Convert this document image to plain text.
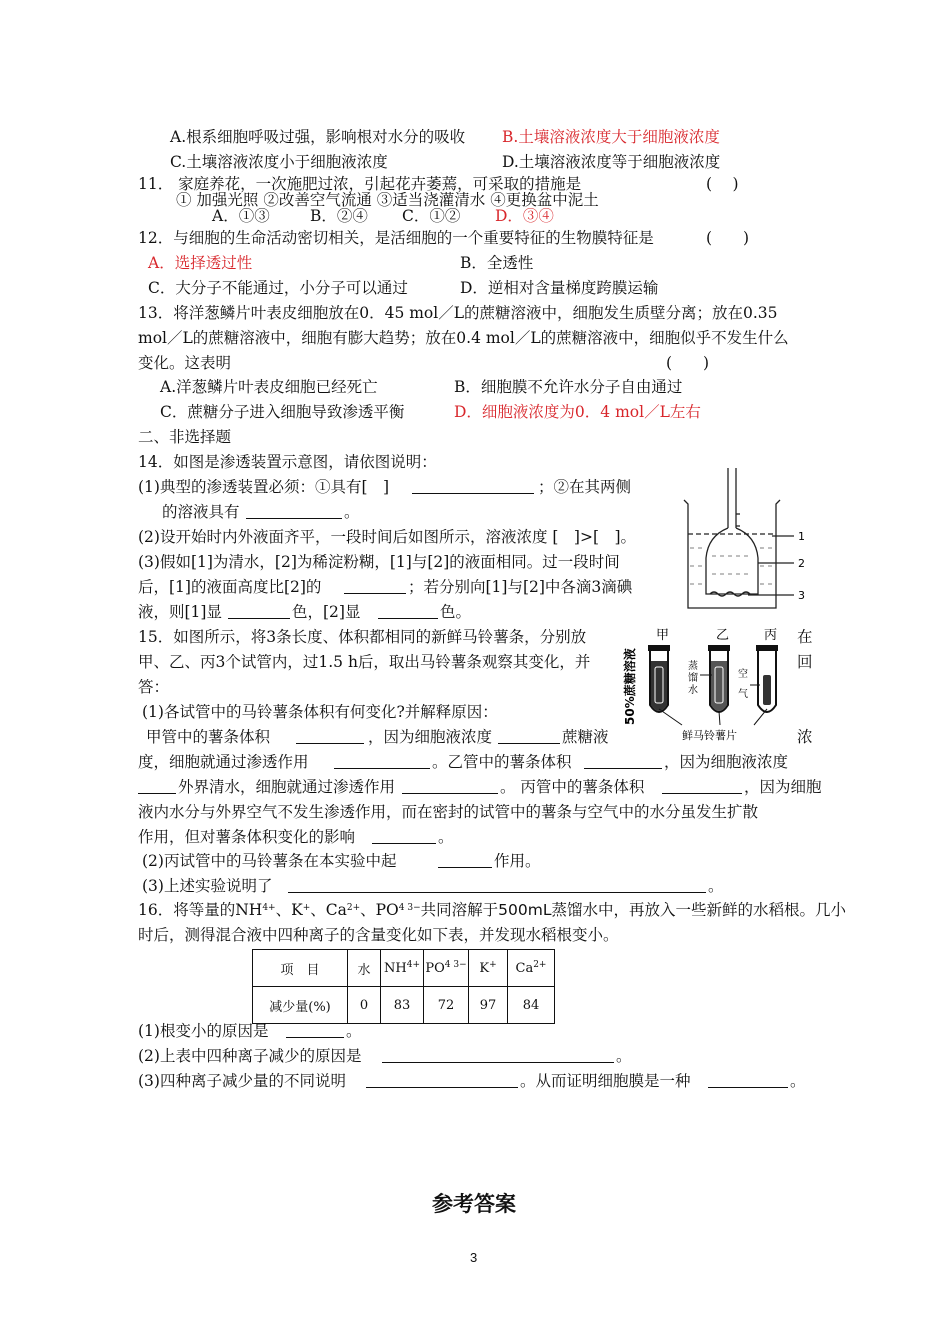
A.根系细胞呼吸过强，影响根对水分的吸收 B.土壤溶液浓度大于细胞液浓度
C.土壤溶液浓度小于细胞液浓度	D.土壤溶液浓度等于细胞液浓度
11． 家庭养花，一次施肥过浓，引起花卉萎蔫，可采取的措施是	(　 )
① 加强光照 ②改善空气流通 ③适当浇灌清水 ④更换盆中泥土
A．①③	B．②④ C．①② D．③④
12．与细胞的生命活动密切相关，是活细胞的一个重要特征的生物膜特征是	(　　)
A．选择透过性	B．全透性
C．大分子不能通过，小分子可以通过	D．逆相对含量梯度跨膜运输
13．将洋葱鳞片叶表皮细胞放在0．45 mol／L的蔗糖溶液中，细胞发生质壁分离；放在0.35
mol／L的蔗糖溶液中，细胞有膨大趋势；放在0.4 mol／L的蔗糖溶液中，细胞似乎不发生什么
变化。这表明	(　　)
A.洋葱鳞片叶表皮细胞已经死亡	B．细胞膜不允许水分子自由通过
C．蔗糖分子进入细胞导致渗透平衡	D．细胞液浓度为0．4 mol／L左右
二、非选择题
14．如图是渗透装置示意图，请依图说明：
(1)典型的渗透装置必须：①具有[　]	；②在其两侧
的溶液具有	。
(2)设开始时内外液面齐平，一段时间后如图所示，溶液浓度 [　]>[　]。
(3)假如[1]为清水，[2]为稀淀粉糊，[1]与[2]的液面相同。过一段时间
后，[1]的液面高度比[2]的	；若分别向[1]与[2]中各滴3滴碘
液，则[1]显	色，[2]显	色。
15．如图所示，将3条长度、体积都相同的新鲜马铃薯条，分别放	在
甲、乙、丙3个试管内，过1.5 h后，取出马铃薯条观察其变化，并	回
答：
(1)各试管中的马铃薯条体积有何变化?并解释原因：
甲管中的薯条体积	，因为细胞液浓度	蔗糖液	浓
度，细胞就通过渗透作用	。乙管中的薯条体积	，因为细胞液浓度
外界清水，细胞就通过渗透作用	。 丙管中的薯条体积	，因为细胞
液内水分与外界空气不发生渗透作用，而在密封的试管中的薯条与空气中的水分虽发生扩散
作用，但对薯条体积变化的影响	。
(2)丙试管中的马铃薯条在本实验中起	作用。
(3)上述实验说明了	。
16．将等量的$NH^{4+}$、K+、$Ca^{2+}$、$PO^{4 3-}$共同溶解于500mL蒸馏水中，再放入一些新鲜的水稻根。几小
时后，测得混合液中四种离子的含量变化如下表，并发现水稻根变小。
项　目	水	$NH^{4+}$	$PO^{4 3-}$	K+	$Ca^{2+}$
减少量(%)	0	83	72	97	84
(1)根变小的原因是	。
(2)上表中四种离子减少的原因是	。
(3)四种离子减少量的不同说明	。从而证明细胞膜是一种	。
1
2
3
甲	乙	丙
50%蔗糖溶液	蒸
馏
水
空
气
鲜马铃薯片
参考答案
3
